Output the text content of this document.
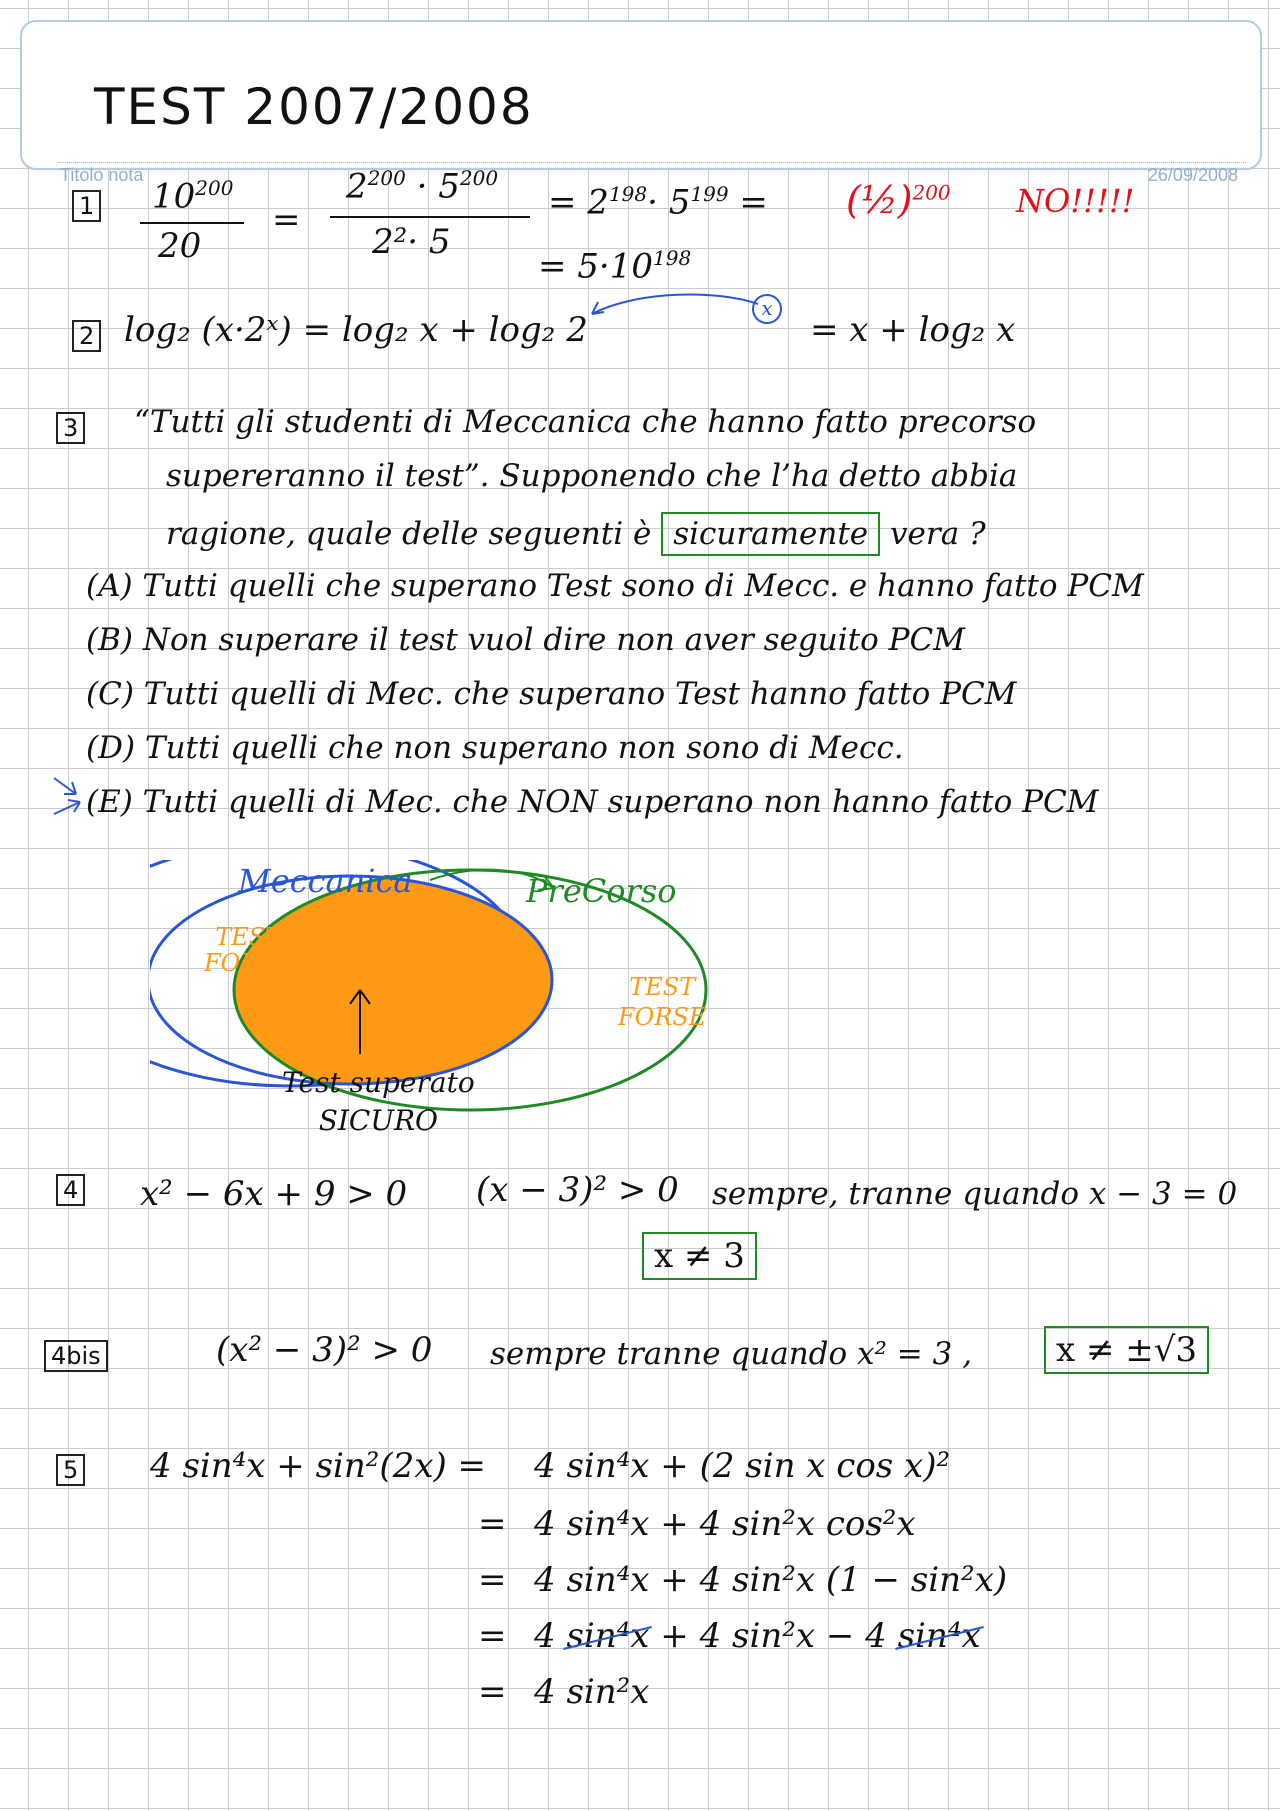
TEST 2007/2008
Titolo nota	26/09/2008
1 $10^{200}$
20
=
$2^{200} \cdot 5^{200}$
2²· 5
= $2^{198}\cdot 5^{199}$ =
= $5\cdot 10^{198}$
(½)$^{200}$ NO!!!!!
2 log₂ (x·2ˣ) = log₂ x + log₂ 2
x
= x + log₂ x
3 “Tutti gli studenti di Meccanica che hanno fatto precorso
supereranno il test”. Supponendo che l’ha detto abbia
ragione, quale delle seguenti è sicuramente vera ?
(A) Tutti quelli che superano Test sono di Mecc. e hanno fatto PCM
(B) Non superare il test vuol dire non aver seguito PCM
(C) Tutti quelli di Mec. che superano Test hanno fatto PCM
(D) Tutti quelli che non superano non sono di Mecc.
(E) Tutti quelli di Mec. che NON superano non hanno fatto PCM
Meccanica	PreCorso
TEST
FORSE	TEST
FORSE	TEST
FORSE
Test superato
SICURO
4 x² − 6x + 9 > 0 (x − 3)² > 0 sempre, tranne quando x − 3 = 0
x ≠ 3
4bis	(x² − 3)² > 0 sempre tranne quando x² = 3 ,	x ≠ ±√3
5 4 sin⁴x + sin²(2x) = 4 sin⁴x + (2 sin x cos x)²
= 4 sin⁴x + 4 sin²x cos²x
= 4 sin⁴x + 4 sin²x (1 − sin²x)
= 4 sin⁴x + 4 sin²x − 4 sin⁴x
= 4 sin²x
